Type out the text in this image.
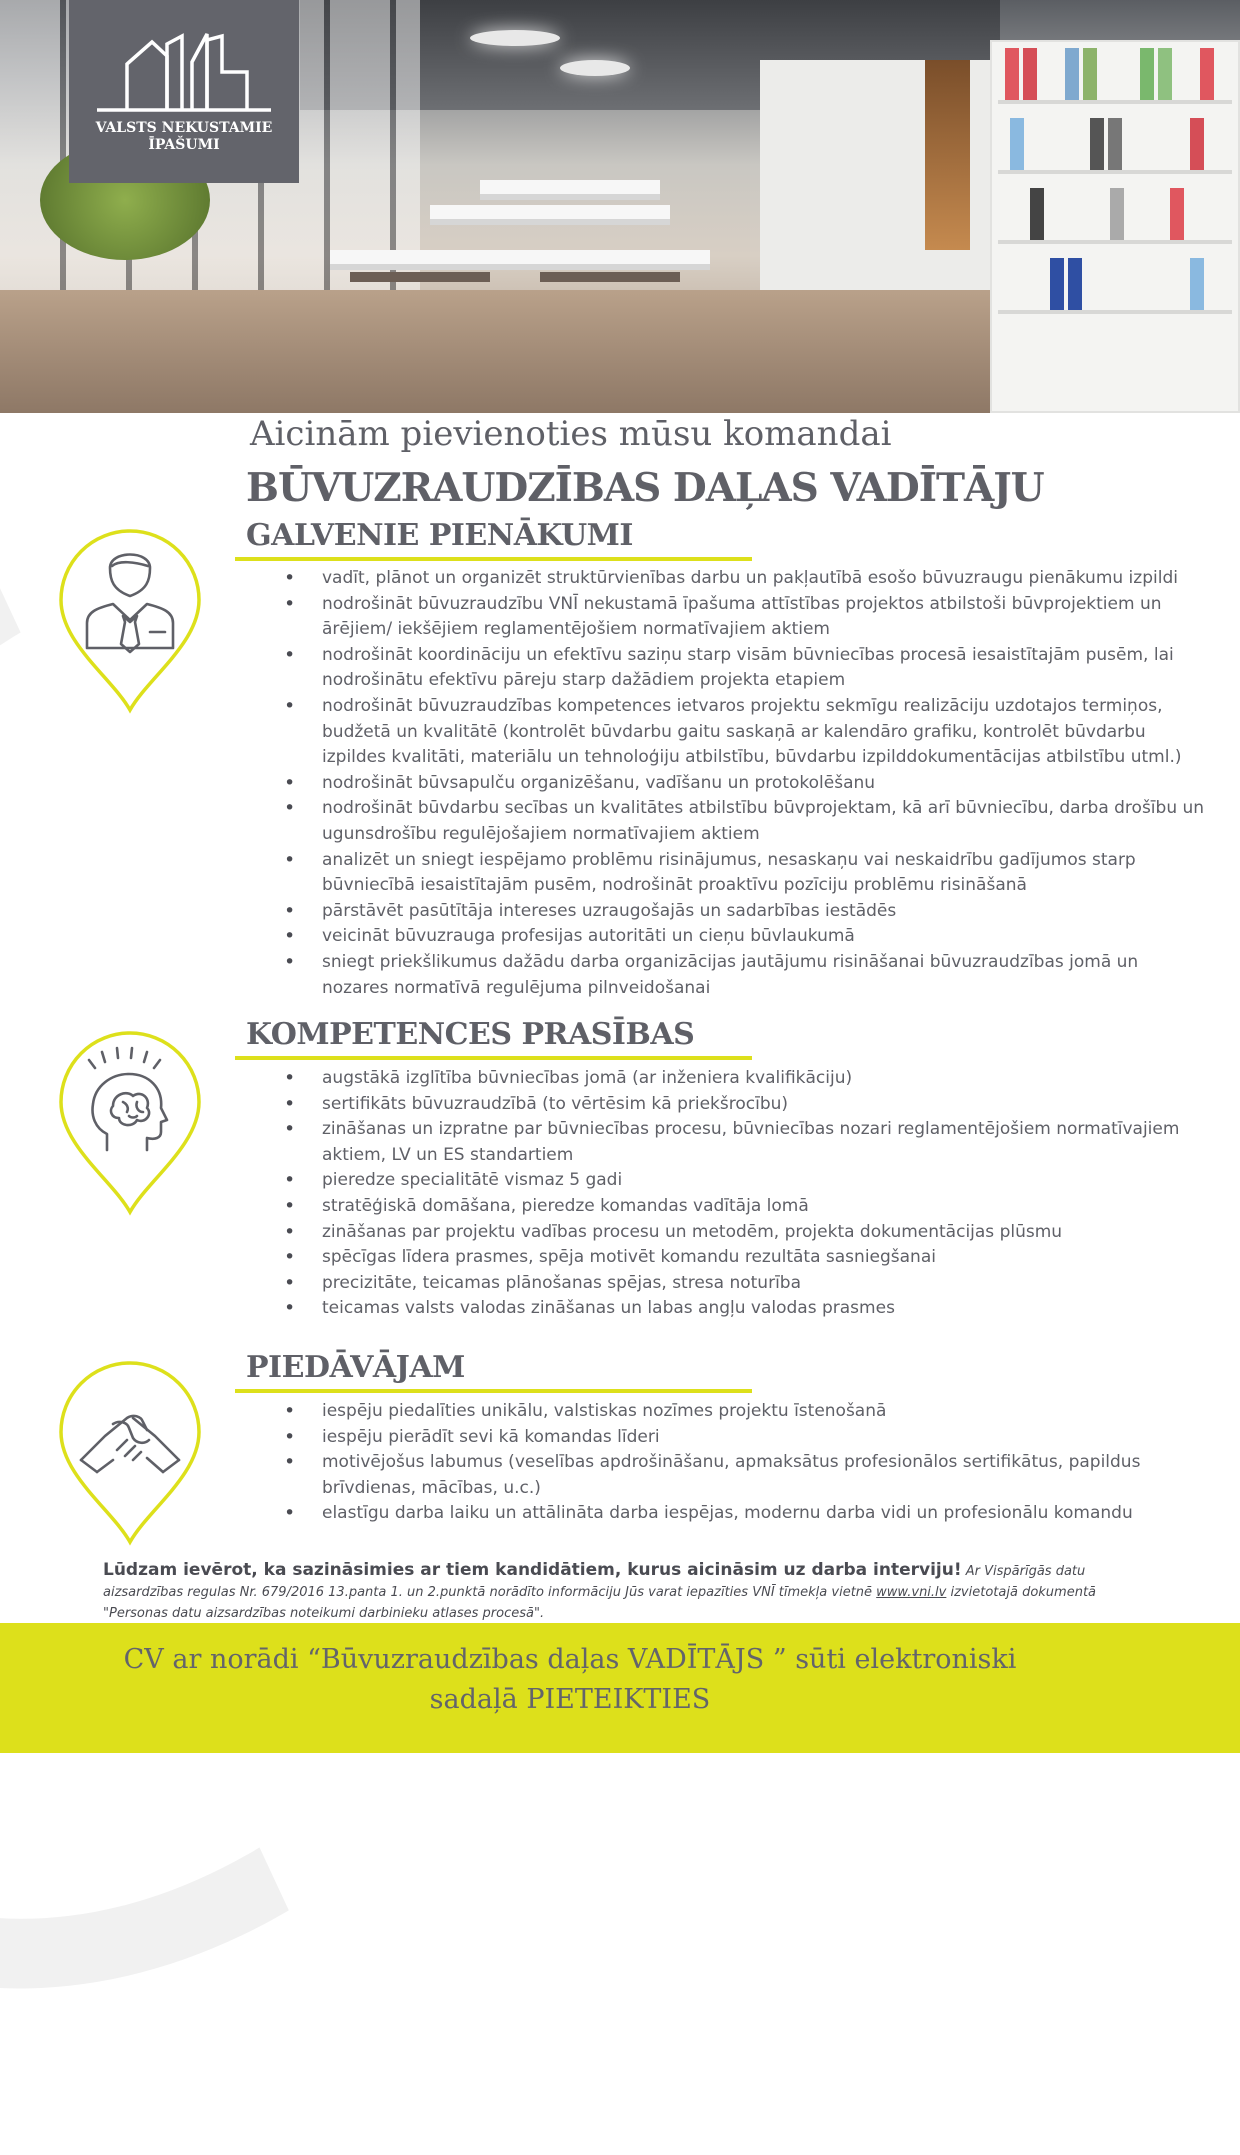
VALSTS NEKUSTAMIE
ĪPAŠUMI
Aicinām pievienoties mūsu komandai
BŪVUZRAUDZĪBAS DAĻAS VADĪTĀJU
GALVENIE PIENĀKUMI
• vadīt, plānot un organizēt struktūrvienības darbu un pakļautībā esošo būvuzraugu pienākumu izpildi
• nodrošināt būvuzraudzību VNĪ nekustamā īpašuma attīstības projektos atbilstoši būvprojektiem un ārējiem/ iekšējiem reglamentējošiem normatīvajiem aktiem
• nodrošināt koordināciju un efektīvu saziņu starp visām būvniecības procesā iesaistītajām pusēm, lai nodrošinātu efektīvu pāreju starp dažādiem projekta etapiem
• nodrošināt būvuzraudzības kompetences ietvaros projektu sekmīgu realizāciju uzdotajos termiņos, budžetā un kvalitātē (kontrolēt būvdarbu gaitu saskaņā ar kalendāro grafiku, kontrolēt būvdarbu izpildes kvalitāti, materiālu un tehnoloģiju atbilstību, būvdarbu izpilddokumentācijas atbilstību utml.)
• nodrošināt būvsapulču organizēšanu, vadīšanu un protokolēšanu
• nodrošināt būvdarbu secības un kvalitātes atbilstību būvprojektam, kā arī būvniecību, darba drošību un ugunsdrošību regulējošajiem normatīvajiem aktiem
• analizēt un sniegt iespējamo problēmu risinājumus, nesaskaņu vai neskaidrību gadījumos starp būvniecībā iesaistītajām pusēm, nodrošināt proaktīvu pozīciju problēmu risināšanā
• pārstāvēt pasūtītāja intereses uzraugošajās un sadarbības iestādēs
• veicināt būvuzrauga profesijas autoritāti un cieņu būvlaukumā
• sniegt priekšlikumus dažādu darba organizācijas jautājumu risināšanai būvuzraudzības jomā un nozares normatīvā regulējuma pilnveidošanai
KOMPETENCES PRASĪBAS
• augstākā izglītība būvniecības jomā (ar inženiera kvalifikāciju)
• sertifikāts būvuzraudzībā (to vērtēsim kā priekšrocību)
• zināšanas un izpratne par būvniecības procesu, būvniecības nozari reglamentējošiem normatīvajiem aktiem, LV un ES standartiem
• pieredze specialitātē vismaz 5 gadi
• stratēģiskā domāšana, pieredze komandas vadītāja lomā
• zināšanas par projektu vadības procesu un metodēm, projekta dokumentācijas plūsmu
• spēcīgas līdera prasmes, spēja motivēt komandu rezultāta sasniegšanai
• precizitāte, teicamas plānošanas spējas, stresa noturība
• teicamas valsts valodas zināšanas un labas angļu valodas prasmes
PIEDĀVĀJAM
• iespēju piedalīties unikālu, valstiskas nozīmes projektu īstenošanā
• iespēju pierādīt sevi kā komandas līderi
• motivējošus labumus (veselības apdrošināšanu, apmaksātus profesionālos sertifikātus, papildus brīvdienas, mācības, u.c.)
• elastīgu darba laiku un attālināta darba iespējas, modernu darba vidi un profesionālu komandu
Lūdzam ievērot, ka sazināsimies ar tiem kandidātiem, kurus aicināsim uz darba interviju! Ar Vispārīgās datu aizsardzības regulas Nr. 679/2016 13.panta 1. un 2.punktā norādīto informāciju Jūs varat iepazīties VNĪ tīmekļa vietnē www.vni.lv izvietotajā dokumentā "Personas datu aizsardzības noteikumi darbinieku atlases procesā".
CV ar norādi “Būvuzraudzības daļas VADĪTĀJS ” sūti elektroniski
sadaļā PIETEIKTIES
